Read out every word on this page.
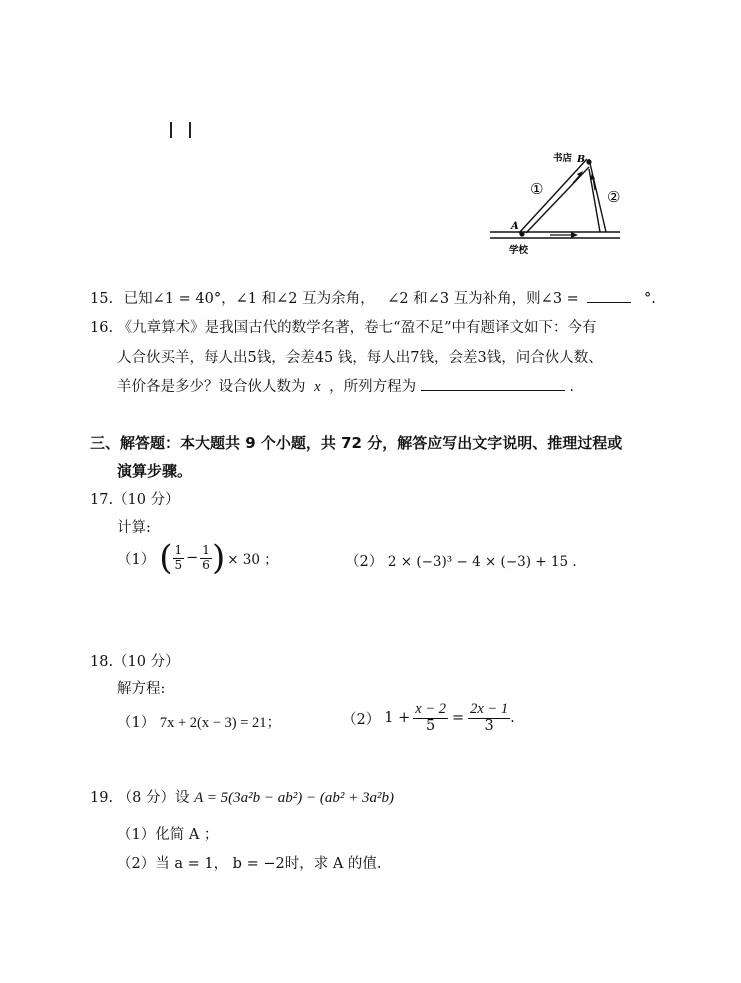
书店 B
A
学校
①	②
15. 已知∠1 = 40°，∠1 和∠2 互为余角， ∠2 和∠3 互为补角，则∠3 =	°.
16. 《九章算术》是我国古代的数学名著，卷七“盈不足”中有题译文如下：今有
人合伙买羊，每人出5钱，会差45 钱，每人出7钱，会差3钱，问合伙人数、
羊价各是多少？设合伙人数为 x ，所列方程为	.
三、解答题：本大题共 9 个小题，共 72 分，解答应写出文字说明、推理过程或
演算步骤。
17.（10 分）
计算:
（1） ( $\frac{1}{5} - \frac{1}{6}$ ) × 30 ；	（2） 2 × (−3)³ − 4 × (−3) + 15 .
18.（10 分）
解方程:
（1） 7x + 2(x − 3) = 21；	（2） $1 + \frac{x - 2}{5} = \frac{2x - 1}{3}$ .
19. （8 分）设 A = 5(3a²b − ab²) − (ab² + 3a²b)
（1）化简 A ；
（2）当 a = 1， b = −2时，求 A 的值.
